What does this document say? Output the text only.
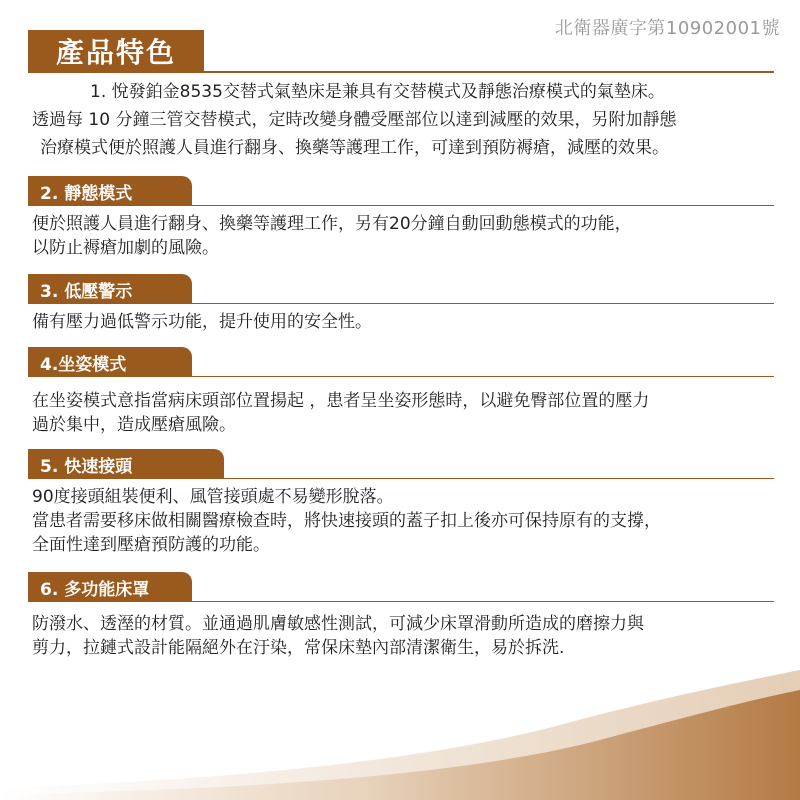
北衛器廣字第10902001號
產品特色

1. 悅發鉑金8535交替式氣墊床是兼具有交替模式及靜態治療模式的氣墊床。

透過每 10 分鐘三管交替模式，定時改變身體受壓部位以達到減壓的效果，另附加靜態

治療模式便於照護人員進行翻身、換藥等護理工作，可達到預防褥瘡，減壓的效果。

2. 靜態模式

便於照護人員進行翻身、換藥等護理工作，另有20分鐘自動回動態模式的功能，

以防止褥瘡加劇的風險。

3. 低壓警示

備有壓力過低警示功能，提升使用的安全性。

4.坐姿模式

在坐姿模式意指當病床頭部位置揚起 ，患者呈坐姿形態時，以避免臀部位置的壓力

過於集中，造成壓瘡風險。

5. 快速接頭

90度接頭組裝便利、風管接頭處不易變形脫落。

當患者需要移床做相關醫療檢查時，將快速接頭的蓋子扣上後亦可保持原有的支撐，

全面性達到壓瘡預防護的功能。

6. 多功能床罩

防潑水、透溼的材質。並通過肌膚敏感性測試，可減少床罩滑動所造成的磨擦力與

剪力，拉鏈式設計能隔絕外在汙染，常保床墊內部清潔衛生，易於拆洗.
